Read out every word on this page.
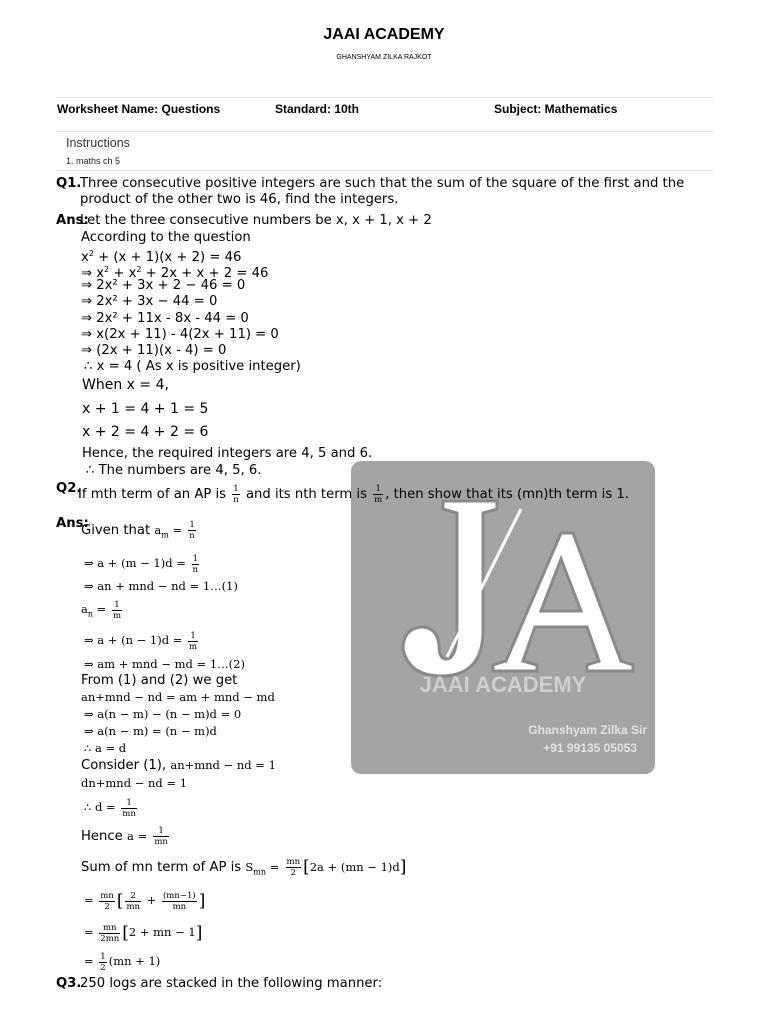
JAAI ACADEMY
GHANSHYAM ZILKA RAJKOT
Worksheet Name: Questions	Standard: 10th	Subject: Mathematics
Instructions
1. maths ch 5
JAAI ACADEMY
Ghanshyam Zilka Sir
+91 99135 05053
Q1.
Three consecutive positive integers are such that the sum of the square of the first and the
product of the other two is 46, find the integers.
Ans:
Let the three consecutive numbers be x, x + 1, x + 2
According to the question
$x^2 + (x + 1)(x + 2) = 46$
⇒ $x^2 + x^2 + 2x + x + 2 = 46$
⇒ 2x² + 3x + 2 − 46 = 0
⇒ 2x² + 3x − 44 = 0
⇒ 2x² + 11x - 8x - 44 = 0
⇒ x(2x + 11) - 4(2x + 11) = 0
⇒ (2x + 11)(x - 4) = 0
∴ x = 4 ( As x is positive integer)
When x = 4,
x + 1 = 4 + 1 = 5
x + 2 = 4 + 2 = 6
Hence, the required integers are 4, 5 and 6.
∴ The numbers are 4, 5, 6.
Q2.
If mth term of an AP is $\frac{1}{n}$ and its nth term is $\frac{1}{m}$ , then show that its (mn)th term is 1.
Ans:
Given that $a_m = \frac{1}{n}$
⇒ $a + (m - 1)d = \frac{1}{n}$
⇒ an + mnd − nd = 1…(1)
$a_n = \frac{1}{m}$
⇒ $a + (n - 1)d = \frac{1}{m}$
⇒ am + mnd − md = 1…(2)
From (1) and (2) we get
an+mnd − nd = am + mnd − md
⇒ a(n − m) − (n − m)d = 0
⇒ a(n − m) = (n − m)d
∴ a = d
Consider (1), an+mnd − nd = 1
dn+mnd − nd = 1
∴ $d = \frac{1}{mn}$
Hence $a = \frac{1}{mn}$
Sum of mn term of AP is $S_{mn} = \frac{mn}{2} [2a + (mn - 1)d]$
= $\frac{mn}{2}$ [ $\frac{2}{mn} + \frac{(mn-1)}{mn}$ ]
= $\frac{mn}{2mn} [2$ + mn − 1]
= $\frac{1}{2} (mn + 1)$
Q3.
250 logs are stacked in the following manner:
